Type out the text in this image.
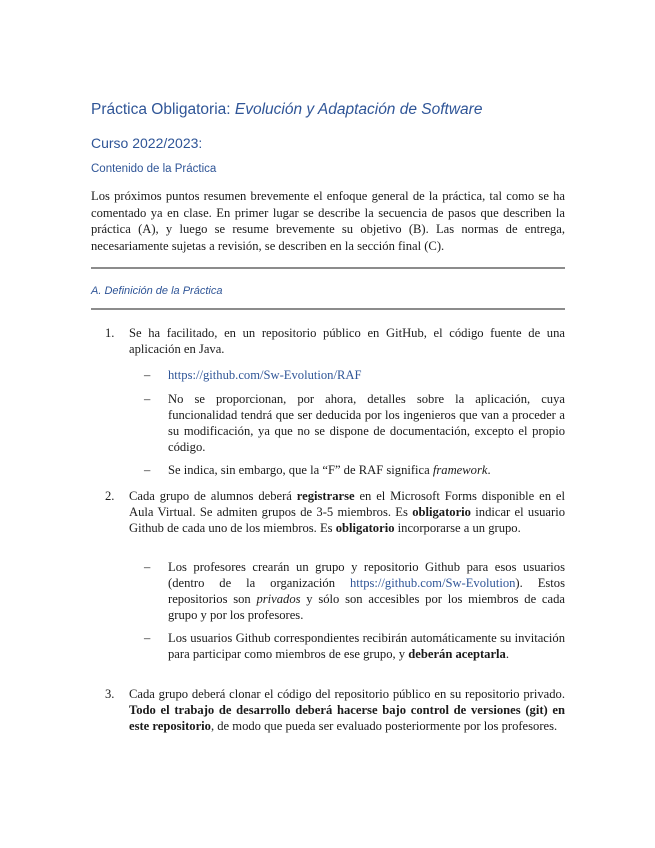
Práctica Obligatoria: Evolución y Adaptación de Software
Curso 2022/2023:
Contenido de la Práctica
Los próximos puntos resumen brevemente el enfoque general de la práctica, tal como se ha comentado ya en clase. En primer lugar se describe la secuencia de pasos que describen la práctica (A), y luego se resume brevemente su objetivo (B). Las normas de entrega, necesariamente sujetas a revisión, se describen en la sección final (C).
A. Definición de la Práctica
1. Se ha facilitado, en un repositorio público en GitHub, el código fuente de una aplicación en Java.
– https://github.com/Sw-Evolution/RAF
– No se proporcionan, por ahora, detalles sobre la aplicación, cuya funcionalidad tendrá que ser deducida por los ingenieros que van a proceder a su modificación, ya que no se dispone de documentación, excepto el propio código.
– Se indica, sin embargo, que la “F” de RAF significa framework.
2. Cada grupo de alumnos deberá registrarse en el Microsoft Forms disponible en el Aula Virtual. Se admiten grupos de 3-5 miembros. Es obligatorio indicar el usuario Github de cada uno de los miembros. Es obligatorio incorporarse a un grupo.
– Los profesores crearán un grupo y repositorio Github para esos usuarios (dentro de la organización https://github.com/Sw-Evolution). Estos repositorios son privados y sólo son accesibles por los miembros de cada grupo y por los profesores.
– Los usuarios Github correspondientes recibirán automáticamente su invitación para participar como miembros de ese grupo, y deberán aceptarla.
3. Cada grupo deberá clonar el código del repositorio público en su repositorio privado. Todo el trabajo de desarrollo deberá hacerse bajo control de versiones (git) en este repositorio, de modo que pueda ser evaluado posteriormente por los profesores.
